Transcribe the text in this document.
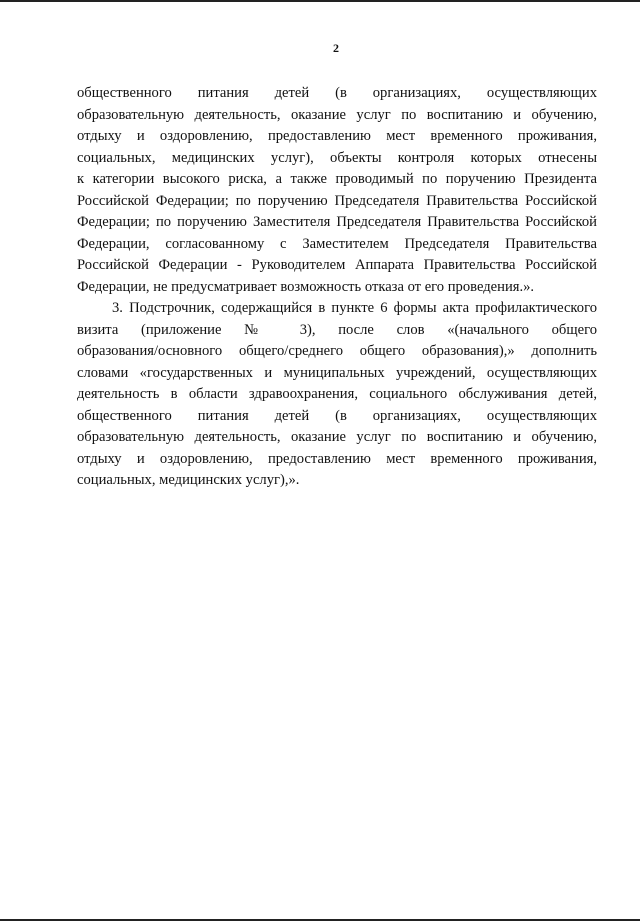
2
общественного питания детей (в организациях, осуществляющих
образовательную деятельность, оказание услуг по воспитанию и обучению,
отдыху и оздоровлению, предоставлению мест временного проживания,
социальных, медицинских услуг), объекты контроля которых отнесены
к категории высокого риска, а также проводимый по поручению Президента
Российской Федерации; по поручению Председателя Правительства Российской
Федерации; по поручению Заместителя Председателя Правительства Российской
Федерации, согласованному с Заместителем Председателя Правительства
Российской Федерации - Руководителем Аппарата Правительства Российской
Федерации, не предусматривает возможность отказа от его проведения.».
3. Подстрочник, содержащийся в пункте 6 формы акта профилактического
визита (приложение № 3), после слов «(начального общего
образования/основного общего/среднего общего образования),» дополнить
словами «государственных и муниципальных учреждений, осуществляющих
деятельность в области здравоохранения, социального обслуживания детей,
общественного питания детей (в организациях, осуществляющих
образовательную деятельность, оказание услуг по воспитанию и обучению,
отдыху и оздоровлению, предоставлению мест временного проживания,
социальных, медицинских услуг),».
